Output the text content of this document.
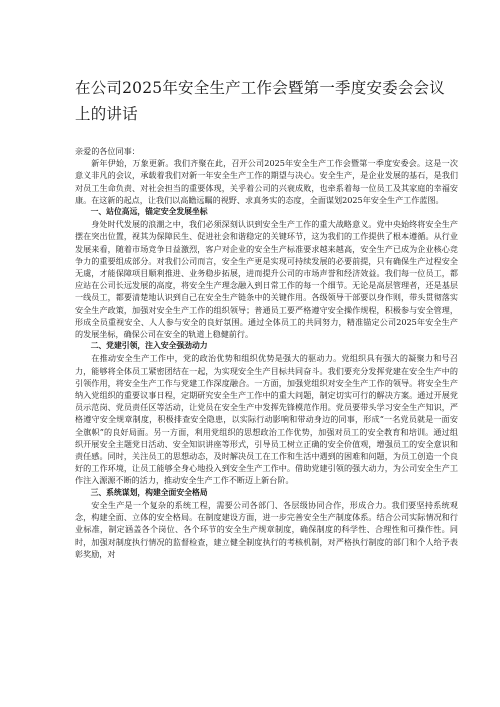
在公司2025年安全生产工作会暨第一季度安委会会议上的讲话

亲爱的各位同事：

新年伊始，万象更新。我们齐聚在此，召开公司2025年安全生产工作会暨第一季度安委会。这是一次意义非凡的会议，承载着我们对新一年安全生产工作的期望与决心。安全生产，是企业发展的基石，是我们对员工生命负责、对社会担当的重要体现，关乎着公司的兴衰成败，也牵系着每一位员工及其家庭的幸福安康。在这新的起点，让我们以高瞻远瞩的视野、求真务实的态度，全面谋划2025年安全生产工作蓝图。

一、站位高远，锚定安全发展坐标

身处时代发展的浪潮之中，我们必须深刻认识到安全生产工作的重大战略意义。党中央始终将安全生产摆在突出位置，视其为保障民生、促进社会和谐稳定的关键环节，这为我们的工作提供了根本遵循。从行业发展来看，随着市场竞争日益激烈，客户对企业的安全生产标准要求越来越高，安全生产已成为企业核心竞争力的重要组成部分。对我们公司而言，安全生产更是实现可持续发展的必要前提，只有确保生产过程安全无虞，才能保障项目顺利推进、业务稳步拓展，进而提升公司的市场声誉和经济效益。我们每一位员工，都应站在公司长远发展的高度，将安全生产理念融入到日常工作的每一个细节。无论是高层管理者，还是基层一线员工，都要清楚地认识到自己在安全生产链条中的关键作用。各级领导干部要以身作则，带头贯彻落实安全生产政策，加强对安全生产工作的组织领导；普通员工要严格遵守安全操作规程，积极参与安全管理，形成全员重视安全、人人参与安全的良好氛围。通过全体员工的共同努力，精准锚定公司2025年安全生产的发展坐标，确保公司在安全的轨道上稳健前行。

二、党建引领，注入安全强劲动力

在推动安全生产工作中，党的政治优势和组织优势是强大的驱动力。党组织具有强大的凝聚力和号召力，能够将全体员工紧密团结在一起，为实现安全生产目标共同奋斗。我们要充分发挥党建在安全生产中的引领作用，将安全生产工作与党建工作深度融合。一方面，加强党组织对安全生产工作的领导。将安全生产纳入党组织的重要议事日程，定期研究安全生产工作中的重大问题，制定切实可行的解决方案。通过开展党员示范岗、党员责任区等活动，让党员在安全生产中发挥先锋模范作用。党员要带头学习安全生产知识，严格遵守安全规章制度，积极排查安全隐患，以实际行动影响和带动身边的同事，形成“一名党员就是一面安全旗帜”的良好局面。另一方面，利用党组织的思想政治工作优势，加强对员工的安全教育和培训。通过组织开展安全主题党日活动、安全知识讲座等形式，引导员工树立正确的安全价值观，增强员工的安全意识和责任感。同时，关注员工的思想动态，及时解决员工在工作和生活中遇到的困难和问题，为员工创造一个良好的工作环境，让员工能够全身心地投入到安全生产工作中。借助党建引领的强大动力，为公司安全生产工作注入源源不断的活力，推动安全生产工作不断迈上新台阶。

三、系统谋划，构建全面安全格局

安全生产是一个复杂的系统工程，需要公司各部门、各层级协同合作，形成合力。我们要坚持系统观念，构建全面、立体的安全格局。在制度建设方面，进一步完善安全生产制度体系。结合公司实际情况和行业标准，制定涵盖各个岗位、各个环节的安全生产规章制度，确保制度的科学性、合理性和可操作性。同时，加强对制度执行情况的监督检查，建立健全制度执行的考核机制，对严格执行制度的部门和个人给予表彰奖励，对
